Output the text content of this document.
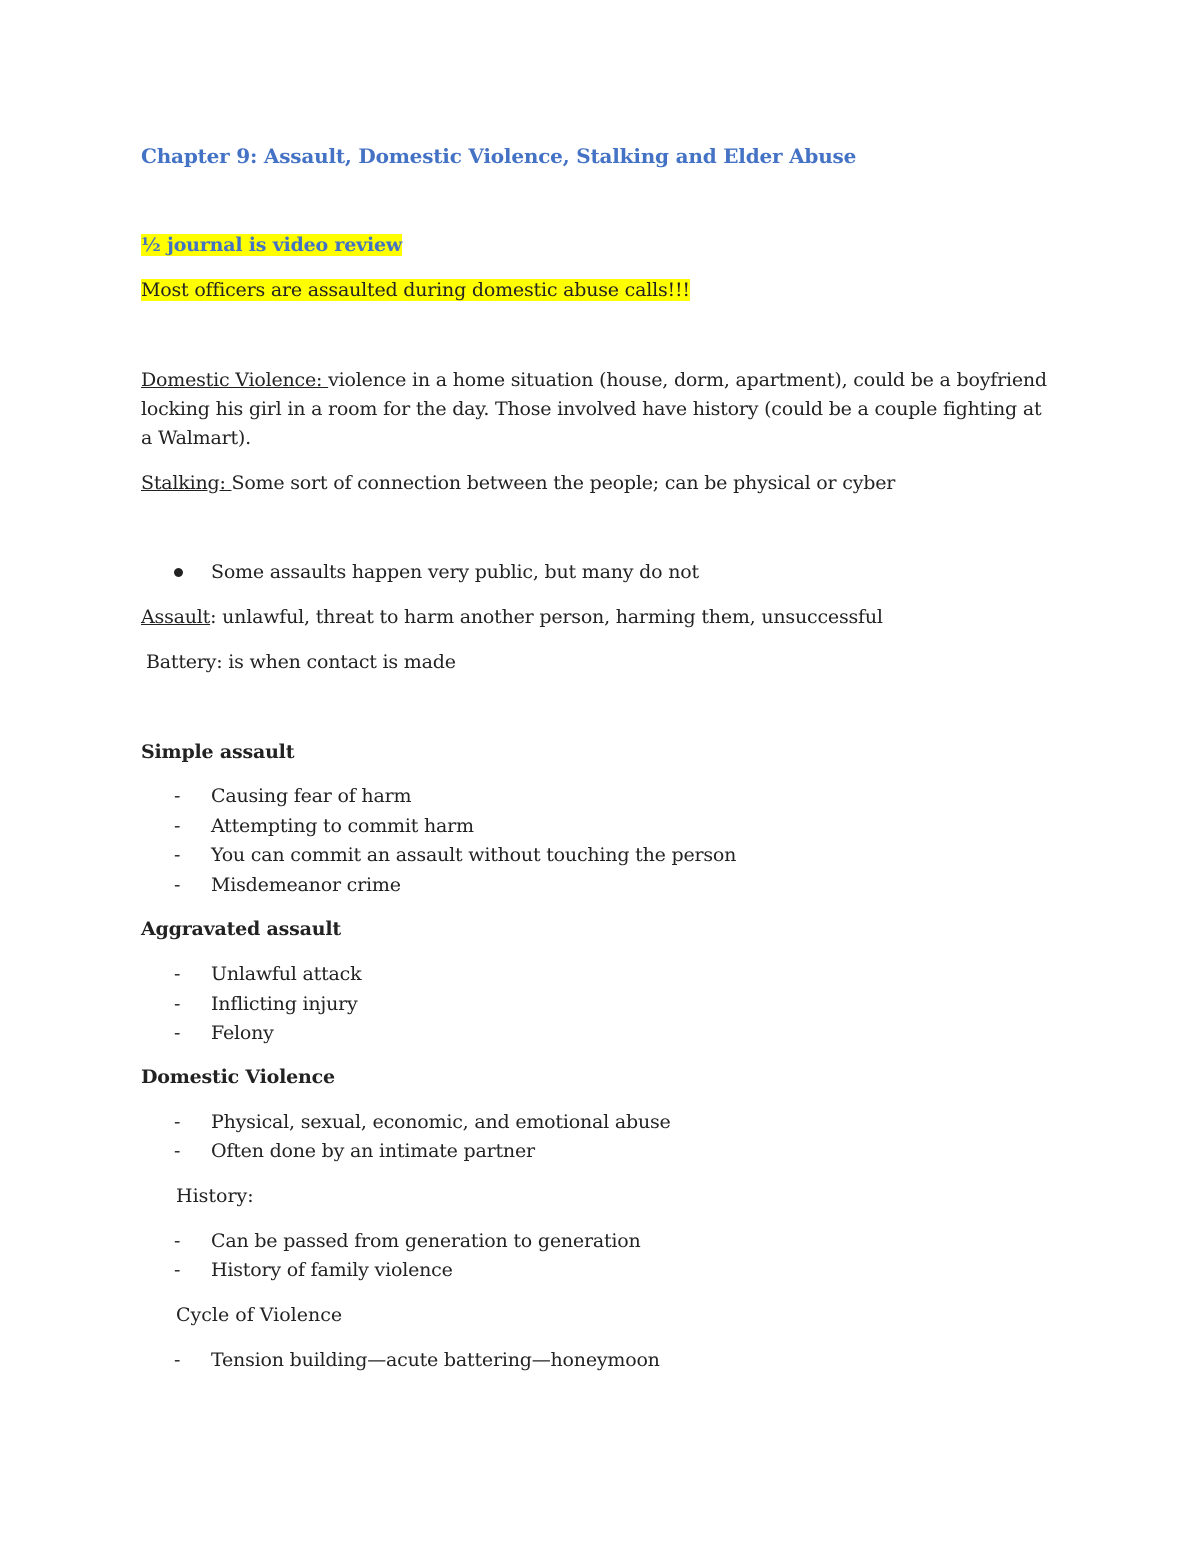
Chapter 9: Assault, Domestic Violence, Stalking and Elder Abuse
½ journal is video review
Most officers are assaulted during domestic abuse calls!!!
Domestic Violence: violence in a home situation (house, dorm, apartment), could be a boyfriend locking his girl in a room for the day. Those involved have history (could be a couple fighting at a Walmart).
Stalking: Some sort of connection between the people; can be physical or cyber
Some assaults happen very public, but many do not
Assault: unlawful, threat to harm another person, harming them, unsuccessful
Battery: is when contact is made
Simple assault
- Causing fear of harm
- Attempting to commit harm
- You can commit an assault without touching the person
- Misdemeanor crime
Aggravated assault
- Unlawful attack
- Inflicting injury
- Felony
Domestic Violence
- Physical, sexual, economic, and emotional abuse
- Often done by an intimate partner
History:
- Can be passed from generation to generation
- History of family violence
Cycle of Violence
- Tension building—acute battering—honeymoon
